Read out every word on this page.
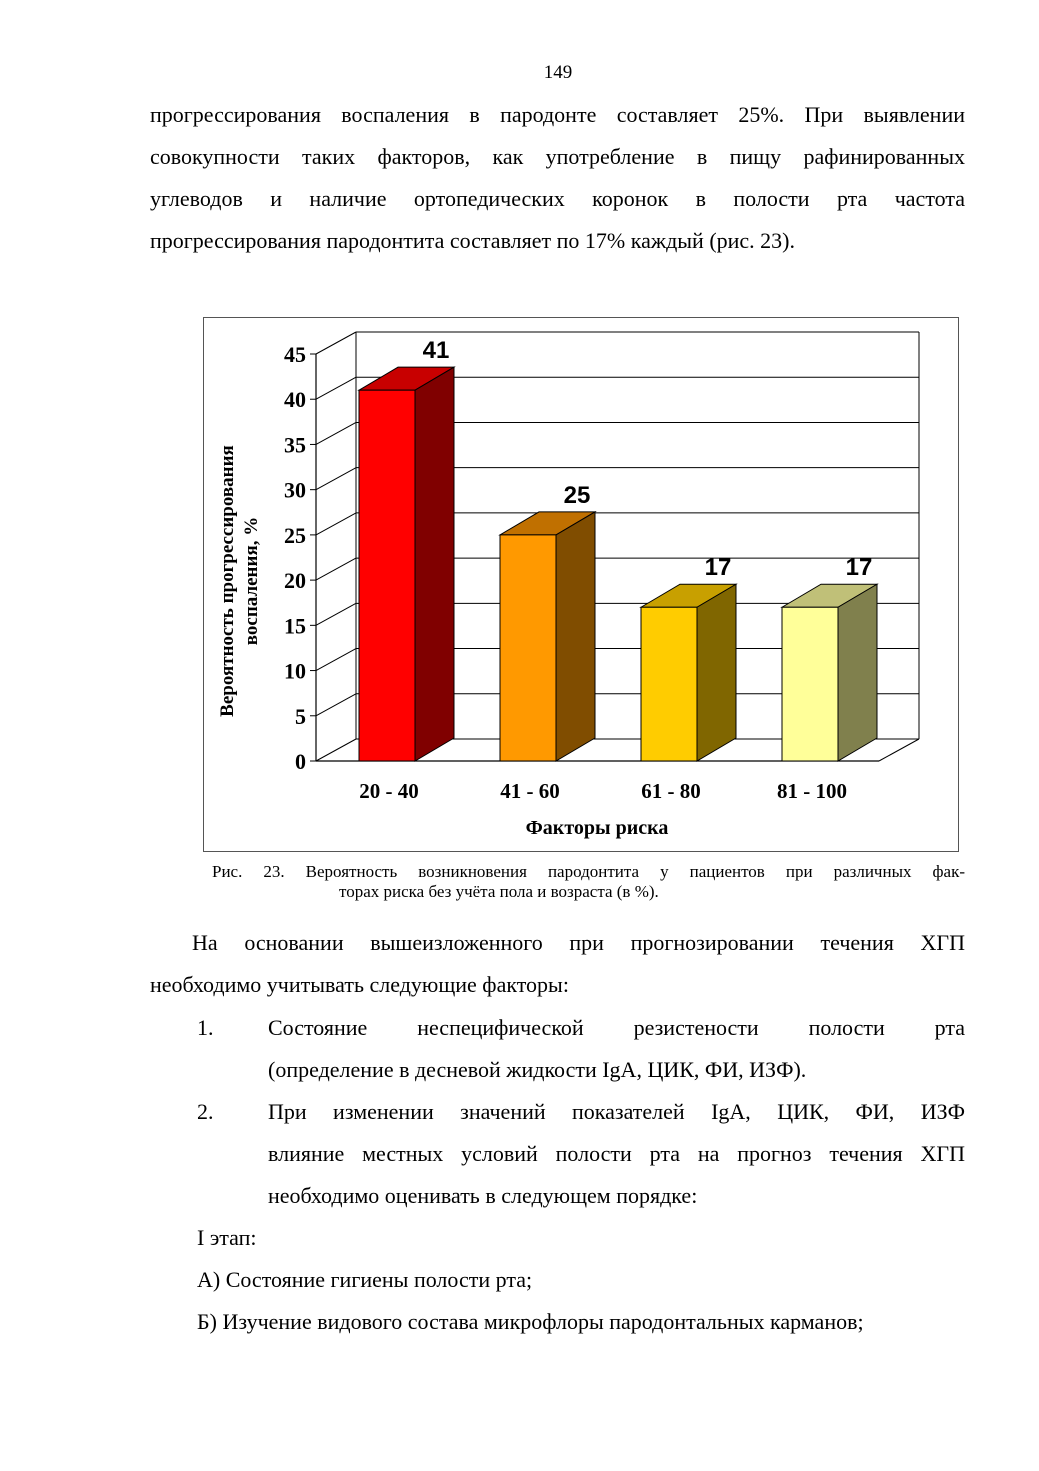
149
прогрессирования воспаления в пародонте составляет 25%. При выявлении
совокупности таких факторов, как употребление в пищу рафинированных
углеводов и наличие ортопедических коронок в полости рта частота
прогрессирования пародонтита составляет по 17% каждый (рис. 23).
0
5
10
15
20
25
30
35
40
45
Вероятность прогрессирования воспаления, %
Факторы риска
41
20 - 40
25
41 - 60
17
61 - 80
17
81 - 100
Рис. 23. Вероятность возникновения пародонтита у пациентов при различных фак-
торах риска без учёта пола и возраста (в %).
На основании вышеизложенного при прогнозировании течения ХГП
необходимо учитывать следующие факторы:
1. Состояние неспецифической резистености полости рта
(определение в десневой жидкости IgA, ЦИК, ФИ, ИЗФ).
2. При изменении значений показателей IgA, ЦИК, ФИ, ИЗФ
влияние местных условий полости рта на прогноз течения ХГП
необходимо оценивать в следующем порядке:
I этап:
А) Состояние гигиены полости рта;
Б) Изучение видового состава микрофлоры пародонтальных карманов;
